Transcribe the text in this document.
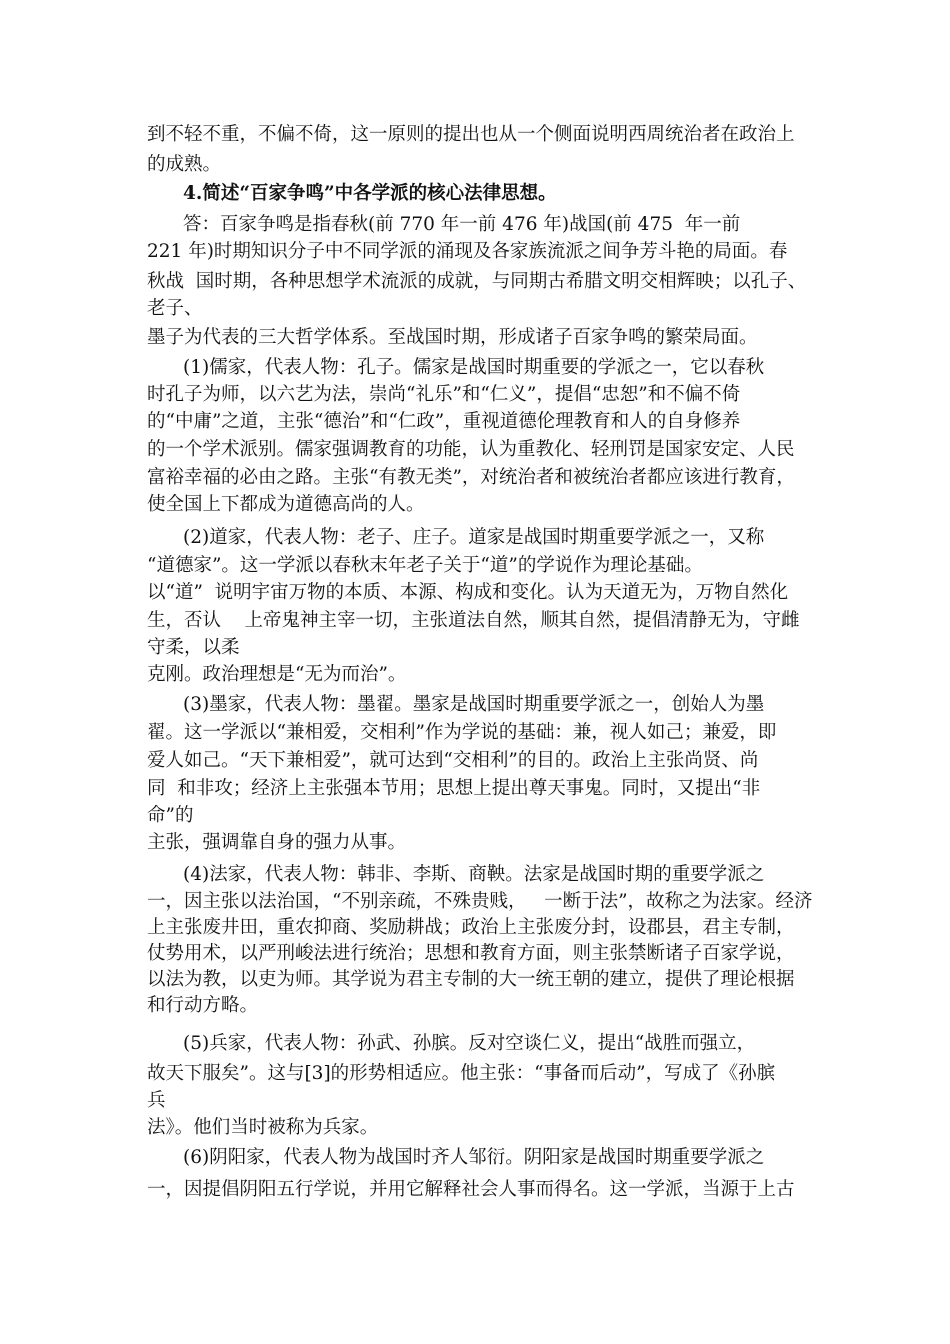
到不轻不重，不偏不倚，这一原则的提出也从一个侧面说明西周统治者在政治上
的成熟。
4.简述“百家争鸣”中各学派的核心法律思想。
答：百家争鸣是指春秋(前 770 年一前 476 年)战国(前 475  年一前
221 年)时期知识分子中不同学派的涌现及各家族流派之间争芳斗艳的局面。春
秋战  国时期，各种思想学术流派的成就，与同期古希腊文明交相辉映；以孔子、
老子、
墨子为代表的三大哲学体系。至战国时期，形成诸子百家争鸣的繁荣局面。
(1)儒家，代表人物：孔子。儒家是战国时期重要的学派之一，它以春秋
时孔子为师，以六艺为法，崇尚“礼乐”和“仁义”，提倡“忠恕”和不偏不倚
的“中庸”之道，主张“德治”和“仁政”，重视道德伦理教育和人的自身修养
的一个学术派别。儒家强调教育的功能，认为重教化、轻刑罚是国家安定、人民
富裕幸福的必由之路。主张“有教无类”，对统治者和被统治者都应该进行教育，
使全国上下都成为道德高尚的人。
(2)道家，代表人物：老子、庄子。道家是战国时期重要学派之一，又称
“道德家”。这一学派以春秋末年老子关于“道”的学说作为理论基础。
以“道”  说明宇宙万物的本质、本源、构成和变化。认为天道无为，万物自然化
生，否认    上帝鬼神主宰一切，主张道法自然，顺其自然，提倡清静无为，守雌
守柔，以柔
克刚。政治理想是“无为而治”。
(3)墨家，代表人物：墨翟。墨家是战国时期重要学派之一，创始人为墨
翟。这一学派以“兼相爱，交相利”作为学说的基础：兼，视人如己；兼爱，即
爱人如己。“天下兼相爱”，就可达到“交相利”的目的。政治上主张尚贤、尚
同  和非攻；经济上主张强本节用；思想上提出尊天事鬼。同时，又提出“非
命”的
主张，强调靠自身的强力从事。
(4)法家，代表人物：韩非、李斯、商鞅。法家是战国时期的重要学派之
一，因主张以法治国，“不别亲疏，不殊贵贱，   一断于法”，故称之为法家。经济
上主张废井田，重农抑商、奖励耕战；政治上主张废分封，设郡县，君主专制，
仗势用术，以严刑峻法进行统治；思想和教育方面，则主张禁断诸子百家学说，
以法为教，以吏为师。其学说为君主专制的大一统王朝的建立，提供了理论根据
和行动方略。
(5)兵家，代表人物：孙武、孙膑。反对空谈仁义，提出“战胜而强立，
故天下服矣”。这与[3]的形势相适应。他主张：“事备而后动”，写成了《孙膑
兵
法》。他们当时被称为兵家。
(6)阴阳家，代表人物为战国时齐人邹衍。阴阳家是战国时期重要学派之
一，因提倡阴阳五行学说，并用它解释社会人事而得名。这一学派，当源于上古
